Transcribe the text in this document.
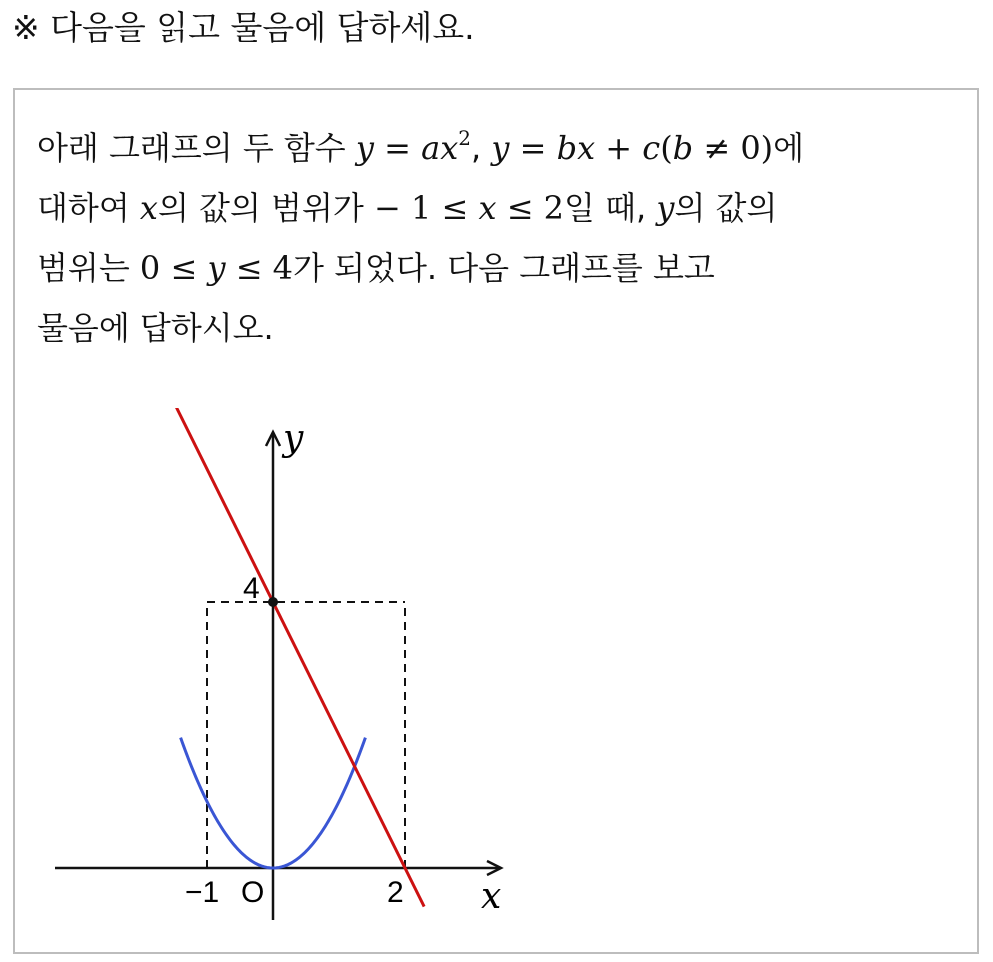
※ 다음을 읽고 물음에 답하세요.
아래 그래프의 두 함수 $y = ax^2$, y = bx + c(b ≠ 0)에
대하여 x의 값의 범위가 − 1 ≤ x ≤ 2일 때, y의 값의
범위는 0 ≤ y ≤ 4가 되었다. 다음 그래프를 보고
물음에 답하시오.
y
x
4
−1 O	2
